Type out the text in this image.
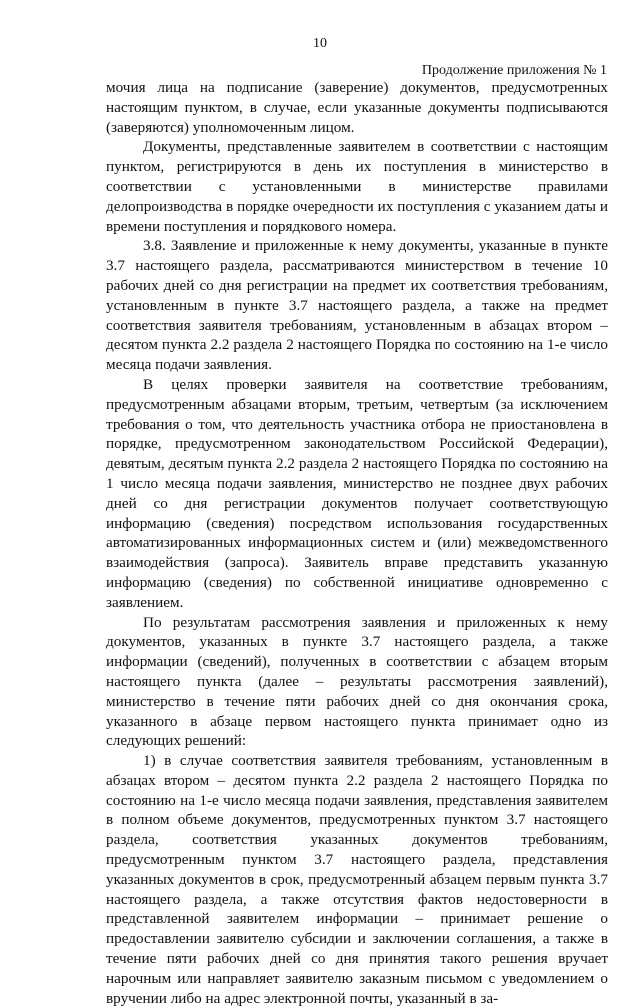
10
Продолжение приложения № 1

мочия лица на подписание (заверение) документов, предусмотренных настоящим пунктом, в случае, если указанные документы подписываются (заверяются) уполномоченным лицом.

Документы, представленные заявителем в соответствии с настоящим пунктом, регистрируются в день их поступления в министерство в соответствии с установленными в министерстве правилами делопроизводства в порядке очередности их поступления с указанием даты и времени поступления и порядкового номера.

3.8. Заявление и приложенные к нему документы, указанные в пункте 3.7 настоящего раздела, рассматриваются министерством в течение 10 рабочих дней со дня регистрации на предмет их соответствия требованиям, установленным в пункте 3.7 настоящего раздела, а также на предмет соответствия заявителя требованиям, установленным в абзацах втором – десятом пункта 2.2 раздела 2 настоящего Порядка по состоянию на 1-е число месяца подачи заявления.

В целях проверки заявителя на соответствие требованиям, предусмотренным абзацами вторым, третьим, четвертым (за исключением требования о том, что деятельность участника отбора не приостановлена в порядке, предусмотренном законодательством Российской Федерации), девятым, десятым пункта 2.2 раздела 2 настоящего Порядка по состоянию на 1 число месяца подачи заявления, министерство не позднее двух рабочих дней со дня регистрации документов получает соответствующую информацию (сведения) посредством использования государственных автоматизированных информационных систем и (или) межведомственного взаимодействия (запроса). Заявитель вправе представить указанную информацию (сведения) по собственной инициативе одновременно с заявлением.

По результатам рассмотрения заявления и приложенных к нему документов, указанных в пункте 3.7 настоящего раздела, а также информации (сведений), полученных в соответствии с абзацем вторым настоящего пункта (далее – результаты рассмотрения заявлений), министерство в течение пяти рабочих дней со дня окончания срока, указанного в абзаце первом настоящего пункта принимает одно из следующих решений:

1) в случае соответствия заявителя требованиям, установленным в абзацах втором – десятом пункта 2.2 раздела 2 настоящего Порядка по состоянию на 1-е число месяца подачи заявления, представления заявителем в полном объеме документов, предусмотренных пунктом 3.7 настоящего раздела, соответствия указанных документов требованиям, предусмотренным пунктом 3.7 настоящего раздела, представления указанных документов в срок, предусмотренный абзацем первым пункта 3.7 настоящего раздела, а также отсутствия фактов недостоверности в представленной заявителем информации – принимает решение о предоставлении заявителю субсидии и заключении соглашения, а также в течение пяти рабочих дней со дня принятия такого решения вручает нарочным или направляет заявителю заказным письмом с уведомлением о вручении либо на адрес электронной почты, указанный в за-
